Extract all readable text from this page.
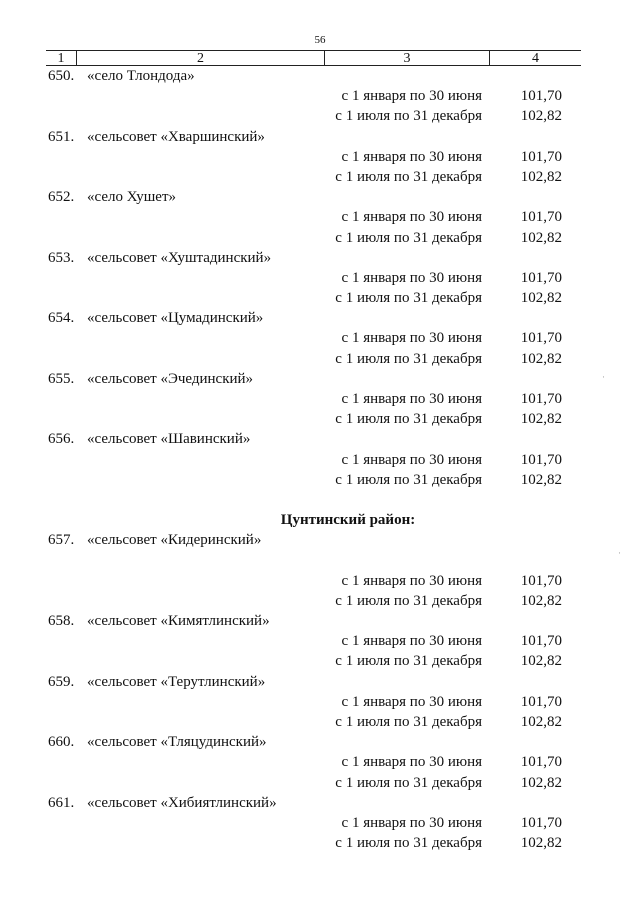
56
1	2	3	4
650. «село Тлондода»
с 1 января по 30 июня	101,70
с 1 июля по 31 декабря	102,82
651. «сельсовет «Хваршинский»
с 1 января по 30 июня	101,70
с 1 июля по 31 декабря	102,82
652. «село Хушет»
с 1 января по 30 июня	101,70
с 1 июля по 31 декабря	102,82
653. «сельсовет «Хуштадинский»
с 1 января по 30 июня	101,70
с 1 июля по 31 декабря	102,82
654. «сельсовет «Цумадинский»
с 1 января по 30 июня	101,70
с 1 июля по 31 декабря	102,82
655. «сельсовет «Эчединский»
с 1 января по 30 июня	101,70
с 1 июля по 31 декабря	102,82
656. «сельсовет «Шавинский»
с 1 января по 30 июня	101,70
с 1 июля по 31 декабря	102,82
Цунтинский район:
657. «сельсовет «Кидеринский»
с 1 января по 30 июня	101,70
с 1 июля по 31 декабря	102,82
658. «сельсовет «Кимятлинский»
с 1 января по 30 июня	101,70
с 1 июля по 31 декабря	102,82
659. «сельсовет «Терутлинский»
с 1 января по 30 июня	101,70
с 1 июля по 31 декабря	102,82
660. «сельсовет «Тляцудинский»
с 1 января по 30 июня	101,70
с 1 июля по 31 декабря	102,82
661. «сельсовет «Хибиятлинский»
с 1 января по 30 июня	101,70
с 1 июля по 31 декабря	102,82
·
·
